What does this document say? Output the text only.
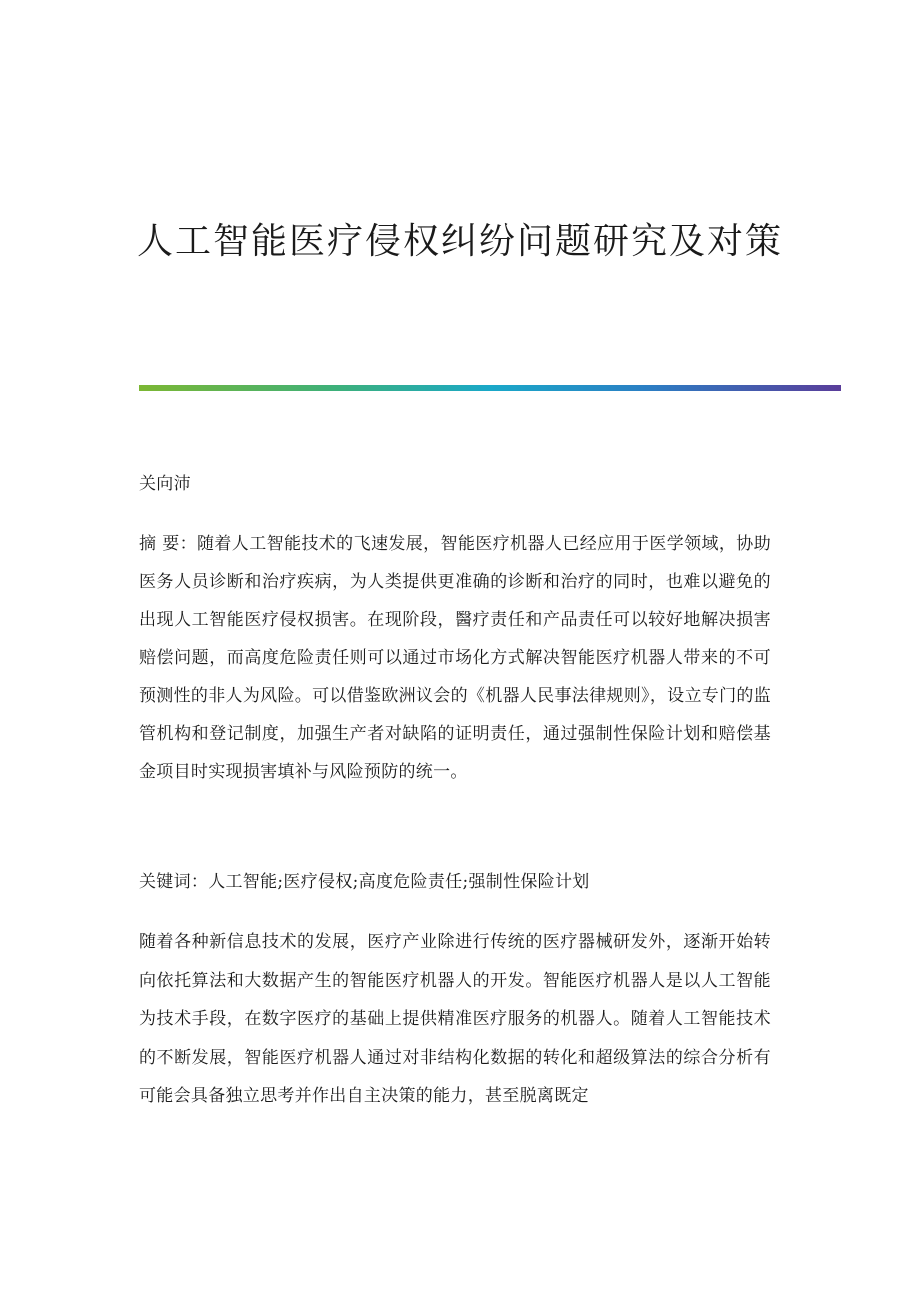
人工智能医疗侵权纠纷问题研究及对策

关向沛

摘 要：随着人工智能技术的飞速发展，智能医疗机器人已经应用于医学领域，协助医务人员诊断和治疗疾病，为人类提供更准确的诊断和治疗的同时，也难以避免的出现人工智能医疗侵权损害。在现阶段，醫疗责任和产品责任可以较好地解决损害赔偿问题，而高度危险责任则可以通过市场化方式解决智能医疗机器人带来的不可预测性的非人为风险。可以借鉴欧洲议会的《机器人民事法律规则》，设立专门的监管机构和登记制度，加强生产者对缺陷的证明责任，通过强制性保险计划和赔偿基金项目时实现损害填补与风险预防的统一。

关键词：人工智能;医疗侵权;高度危险责任;强制性保险计划

随着各种新信息技术的发展，医疗产业除进行传统的医疗器械研发外，逐渐开始转向依托算法和大数据产生的智能医疗机器人的开发。智能医疗机器人是以人工智能为技术手段，在数字医疗的基础上提供精准医疗服务的机器人。随着人工智能技术的不断发展，智能医疗机器人通过对非结构化数据的转化和超级算法的综合分析有可能会具备独立思考并作出自主决策的能力，甚至脱离既定
